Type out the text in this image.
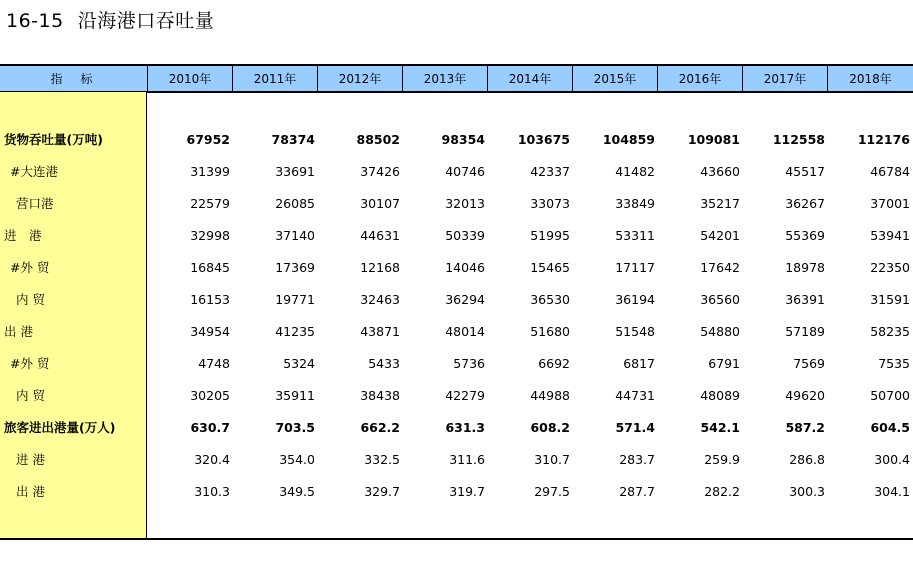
16-15 沿海港口吞吐量
指标	2010年	2011年	2012年	2013年	2014年	2015年	2016年	2017年	2018年
货物吞吐量(万吨)	67952	78374	88502	98354	103675	104859	109081	112558	112176
#大连港	31399	33691	37426	40746	42337	41482	43660	45517	46784
营口港	22579	26085	30107	32013	33073	33849	35217	36267	37001
进　港	32998	37140	44631	50339	51995	53311	54201	55369	53941
#外 贸	16845	17369	12168	14046	15465	17117	17642	18978	22350
内 贸	16153	19771	32463	36294	36530	36194	36560	36391	31591
出 港	34954	41235	43871	48014	51680	51548	54880	57189	58235
#外 贸	4748	5324	5433	5736	6692	6817	6791	7569	7535
内 贸	30205	35911	38438	42279	44988	44731	48089	49620	50700
旅客进出港量(万人)	630.7	703.5	662.2	631.3	608.2	571.4	542.1	587.2	604.5
进 港	320.4	354.0	332.5	311.6	310.7	283.7	259.9	286.8	300.4
出 港	310.3	349.5	329.7	319.7	297.5	287.7	282.2	300.3	304.1
